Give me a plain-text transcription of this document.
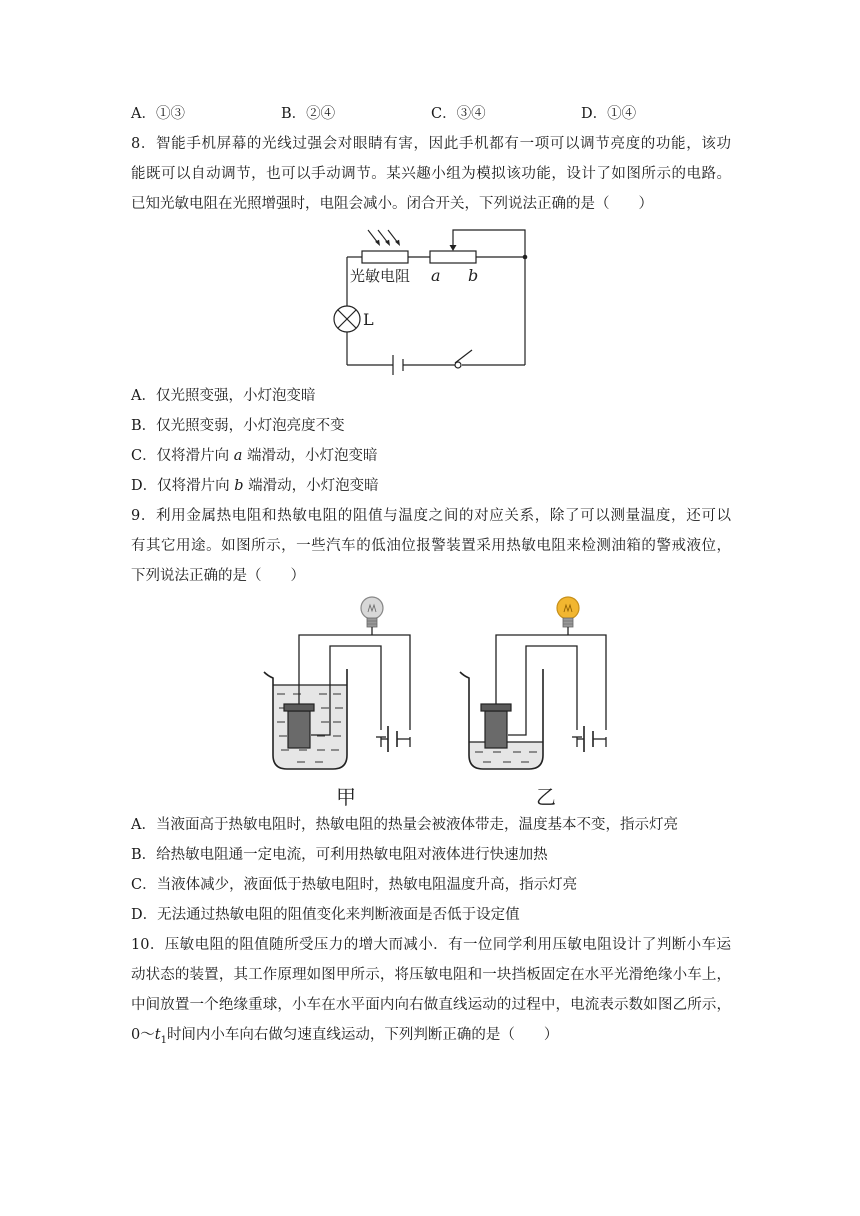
A．①③	B．②④	C．③④	D．①④
8．智能手机屏幕的光线过强会对眼睛有害，因此手机都有一项可以调节亮度的功能，该功
能既可以自动调节，也可以手动调节。某兴趣小组为模拟该功能，设计了如图所示的电路。
已知光敏电阻在光照增强时，电阻会减小。闭合开关，下列说法正确的是（　　）
光敏电阻 a b
L
A．仅光照变强，小灯泡变暗
B．仅光照变弱，小灯泡亮度不变
C．仅将滑片向 a 端滑动，小灯泡变暗
D．仅将滑片向 b 端滑动，小灯泡变暗
9．利用金属热电阻和热敏电阻的阻值与温度之间的对应关系，除了可以测量温度，还可以
有其它用途。如图所示，一些汽车的低油位报警装置采用热敏电阻来检测油箱的警戒液位，
下列说法正确的是（　　）
甲	乙
A．当液面高于热敏电阻时，热敏电阻的热量会被液体带走，温度基本不变，指示灯亮
B．给热敏电阻通一定电流，可利用热敏电阻对液体进行快速加热
C．当液体减少，液面低于热敏电阻时，热敏电阻温度升高，指示灯亮
D．无法通过热敏电阻的阻值变化来判断液面是否低于设定值
10．压敏电阻的阻值随所受压力的增大而减小．有一位同学利用压敏电阻设计了判断小车运
动状态的装置，其工作原理如图甲所示，将压敏电阻和一块挡板固定在水平光滑绝缘小车上，
中间放置一个绝缘重球，小车在水平面内向右做直线运动的过程中，电流表示数如图乙所示，
$0\sim t_1$时间内小车向右做匀速直线运动，下列判断正确的是（　　）
